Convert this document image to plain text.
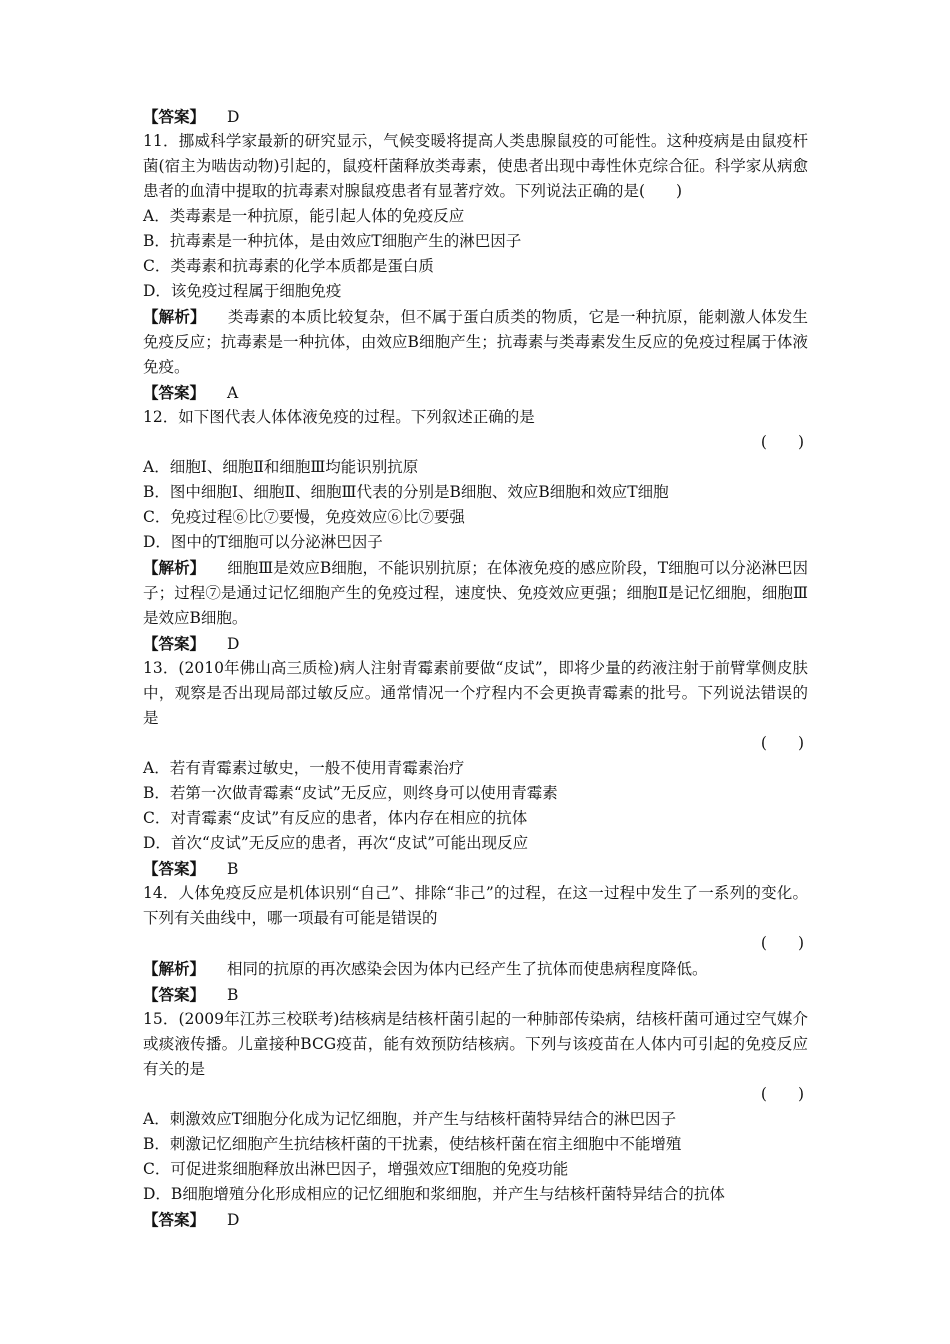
【答案】 D
11．挪威科学家最新的研究显示，气候变暖将提高人类患腺鼠疫的可能性。这种疫病是由鼠疫杆菌(宿主为啮齿动物)引起的，鼠疫杆菌释放类毒素，使患者出现中毒性休克综合征。科学家从病愈患者的血清中提取的抗毒素对腺鼠疫患者有显著疗效。下列说法正确的是(　　)
A．类毒素是一种抗原，能引起人体的免疫反应
B．抗毒素是一种抗体，是由效应T细胞产生的淋巴因子
C．类毒素和抗毒素的化学本质都是蛋白质
D．该免疫过程属于细胞免疫
【解析】 类毒素的本质比较复杂，但不属于蛋白质类的物质，它是一种抗原，能刺激人体发生免疫反应；抗毒素是一种抗体，由效应B细胞产生；抗毒素与类毒素发生反应的免疫过程属于体液免疫。
【答案】 A
12．如下图代表人体体液免疫的过程。下列叙述正确的是
(　　)
A．细胞Ⅰ、细胞Ⅱ和细胞Ⅲ均能识别抗原
B．图中细胞Ⅰ、细胞Ⅱ、细胞Ⅲ代表的分别是B细胞、效应B细胞和效应T细胞
C．免疫过程⑥比⑦要慢，免疫效应⑥比⑦要强
D．图中的T细胞可以分泌淋巴因子
【解析】 细胞Ⅲ是效应B细胞，不能识别抗原；在体液免疫的感应阶段，T细胞可以分泌淋巴因子；过程⑦是通过记忆细胞产生的免疫过程，速度快、免疫效应更强；细胞Ⅱ是记忆细胞，细胞Ⅲ是效应B细胞。
【答案】 D
13．(2010年佛山高三质检)病人注射青霉素前要做“皮试”，即将少量的药液注射于前臂掌侧皮肤中，观察是否出现局部过敏反应。通常情况一个疗程内不会更换青霉素的批号。下列说法错误的是
(　　)
A．若有青霉素过敏史，一般不使用青霉素治疗
B．若第一次做青霉素“皮试”无反应，则终身可以使用青霉素
C．对青霉素“皮试”有反应的患者，体内存在相应的抗体
D．首次“皮试”无反应的患者，再次“皮试”可能出现反应
【答案】 B
14．人体免疫反应是机体识别“自己”、排除“非己”的过程，在这一过程中发生了一系列的变化。下列有关曲线中，哪一项最有可能是错误的
(　　)
【解析】 相同的抗原的再次感染会因为体内已经产生了抗体而使患病程度降低。
【答案】 B
15．(2009年江苏三校联考)结核病是结核杆菌引起的一种肺部传染病，结核杆菌可通过空气媒介或痰液传播。儿童接种BCG疫苗，能有效预防结核病。下列与该疫苗在人体内可引起的免疫反应有关的是
(　　)
A．刺激效应T细胞分化成为记忆细胞，并产生与结核杆菌特异结合的淋巴因子
B．刺激记忆细胞产生抗结核杆菌的干扰素，使结核杆菌在宿主细胞中不能增殖
C．可促进浆细胞释放出淋巴因子，增强效应T细胞的免疫功能
D．B细胞增殖分化形成相应的记忆细胞和浆细胞，并产生与结核杆菌特异结合的抗体
【答案】 D
